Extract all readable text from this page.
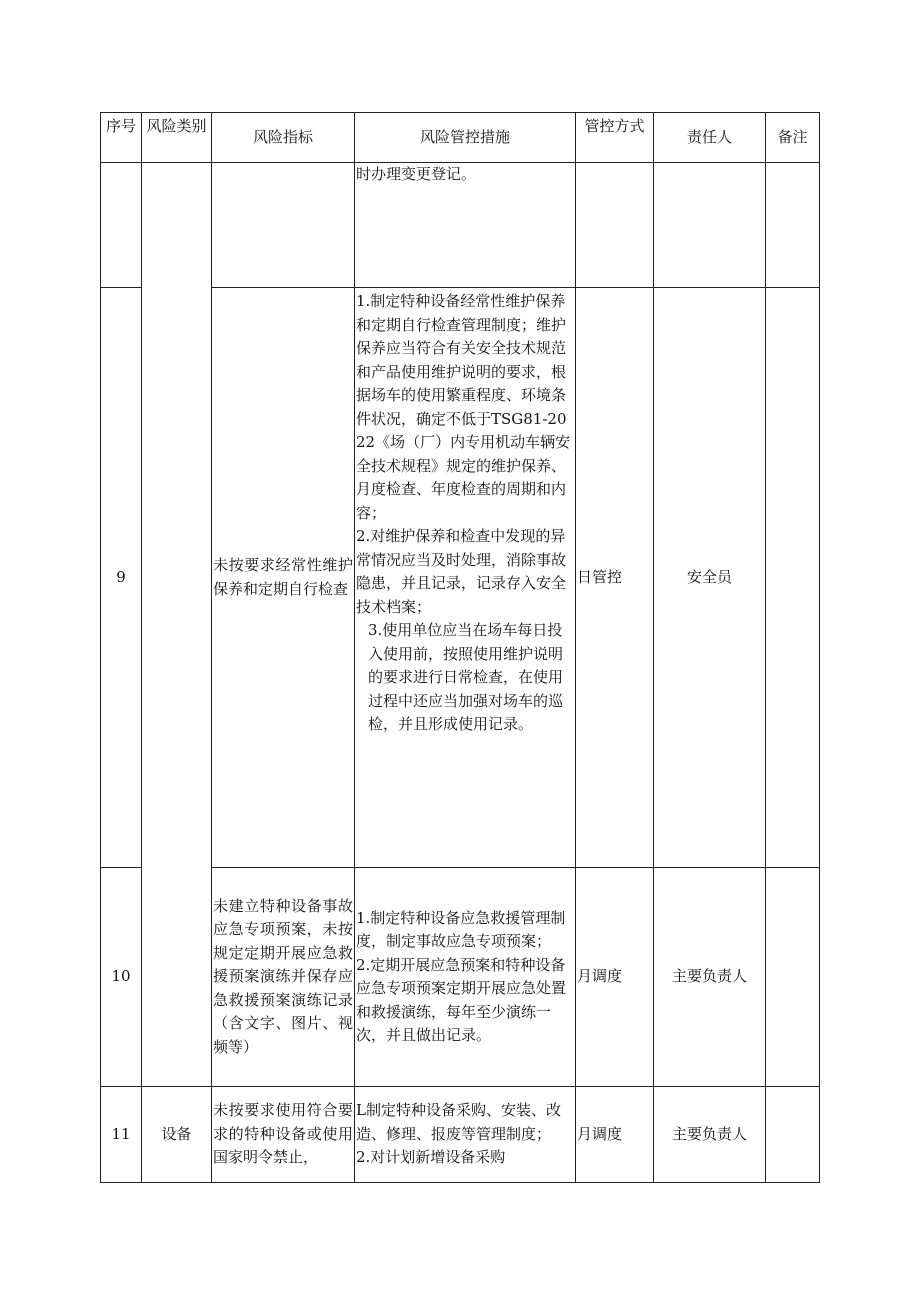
序号	风险类别	风险指标	风险管控措施	管控方式	责任人	备注

			时办理变更登记。			

9		未按要求经常性维护保养和定期自行检查	1.制定特种设备经常性维护保养和定期自行检查管理制度；维护保养应当符合有关安全技术规范和产品使用维护说明的要求，根据场车的使用繁重程度、环境条件状况，确定不低于TSG81-2022《场（厂）内专用机动车辆安全技术规程》规定的维护保养、月度检查、年度检查的周期和内容；
2.对维护保养和检查中发现的异常情况应当及时处理，消除事故隐患，并且记录，记录存入安全技术档案；
3.使用单位应当在场车每日投入使用前，按照使用维护说明的要求进行日常检查，在使用过程中还应当加强对场车的巡检，并且形成使用记录。	日管控	安全员	
10		未建立特种设备事故应急专项预案，未按规定定期开展应急救援预案演练并保存应急救援预案演练记录（含文字、图片、视频等）	1.制定特种设备应急救援管理制度，制定事故应急专项预案；
2.定期开展应急预案和特种设备应急专项预案定期开展应急处置和救援演练，每年至少演练一次，并且做出记录。	月调度	主要负责人	
11	设备	未按要求使用符合要求的特种设备或使用国家明令禁止，	L制定特种设备采购、安装、改造、修理、报废等管理制度；
2.对计划新增设备采购	月调度	主要负责人	
